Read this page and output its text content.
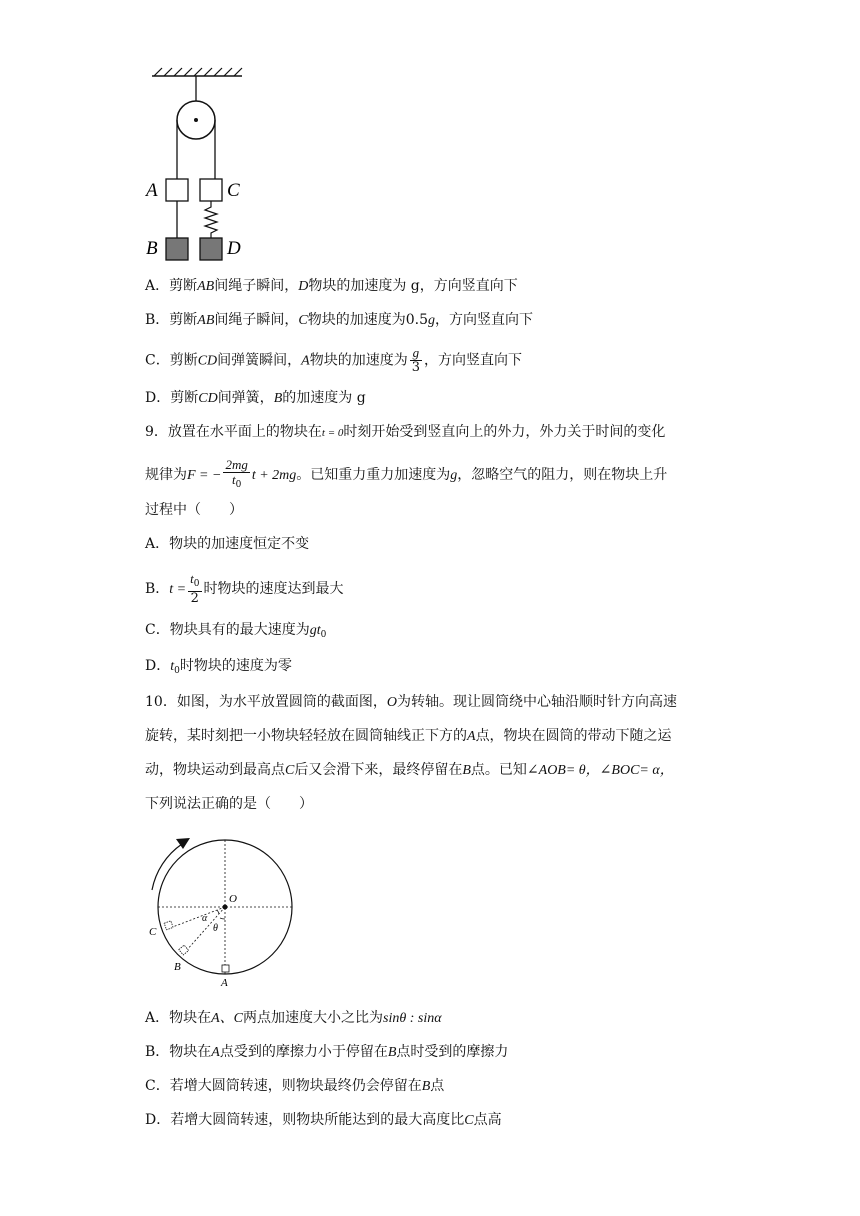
A	C
B	D
A．剪断AB间绳子瞬间，D物块的加速度为 g，方向竖直向下
B．剪断AB间绳子瞬间，C物块的加速度为0.5g，方向竖直向下
C．剪断CD间弹簧瞬间，A物块的加速度为 $\frac{g}{3}$ ，方向竖直向下
D．剪断CD间弹簧，B的加速度为 g
9．放置在水平面上的物块在t = 0时刻开始受到竖直向上的外力，外力关于时间的变化
规律为F = − $\frac{2mg}{t_0}$ t + 2mg。已知重力重力加速度为g，忽略空气的阻力，则在物块上升
过程中（　　）
A．物块的加速度恒定不变
B．$t = \frac{t_0}{2}$ 时物块的速度达到最大
C．物块具有的最大速度为$gt_0$
D．$t_0$时物块的速度为零
10．如图，为水平放置圆筒的截面图，O为转轴。现让圆筒绕中心轴沿顺时针方向高速
旋转，某时刻把一小物块轻轻放在圆筒轴线正下方的A点，物块在圆筒的带动下随之运
动，物块运动到最高点C后又会滑下来，最终停留在B点。已知∠AOB= θ，∠BOC= α，
下列说法正确的是（　　）
O
C
B
A
α
θ
A．物块在A、C两点加速度大小之比为sinθ : sinα
B．物块在A点受到的摩擦力小于停留在B点时受到的摩擦力
C．若增大圆筒转速，则物块最终仍会停留在B点
D．若增大圆筒转速，则物块所能达到的最大高度比C点高
